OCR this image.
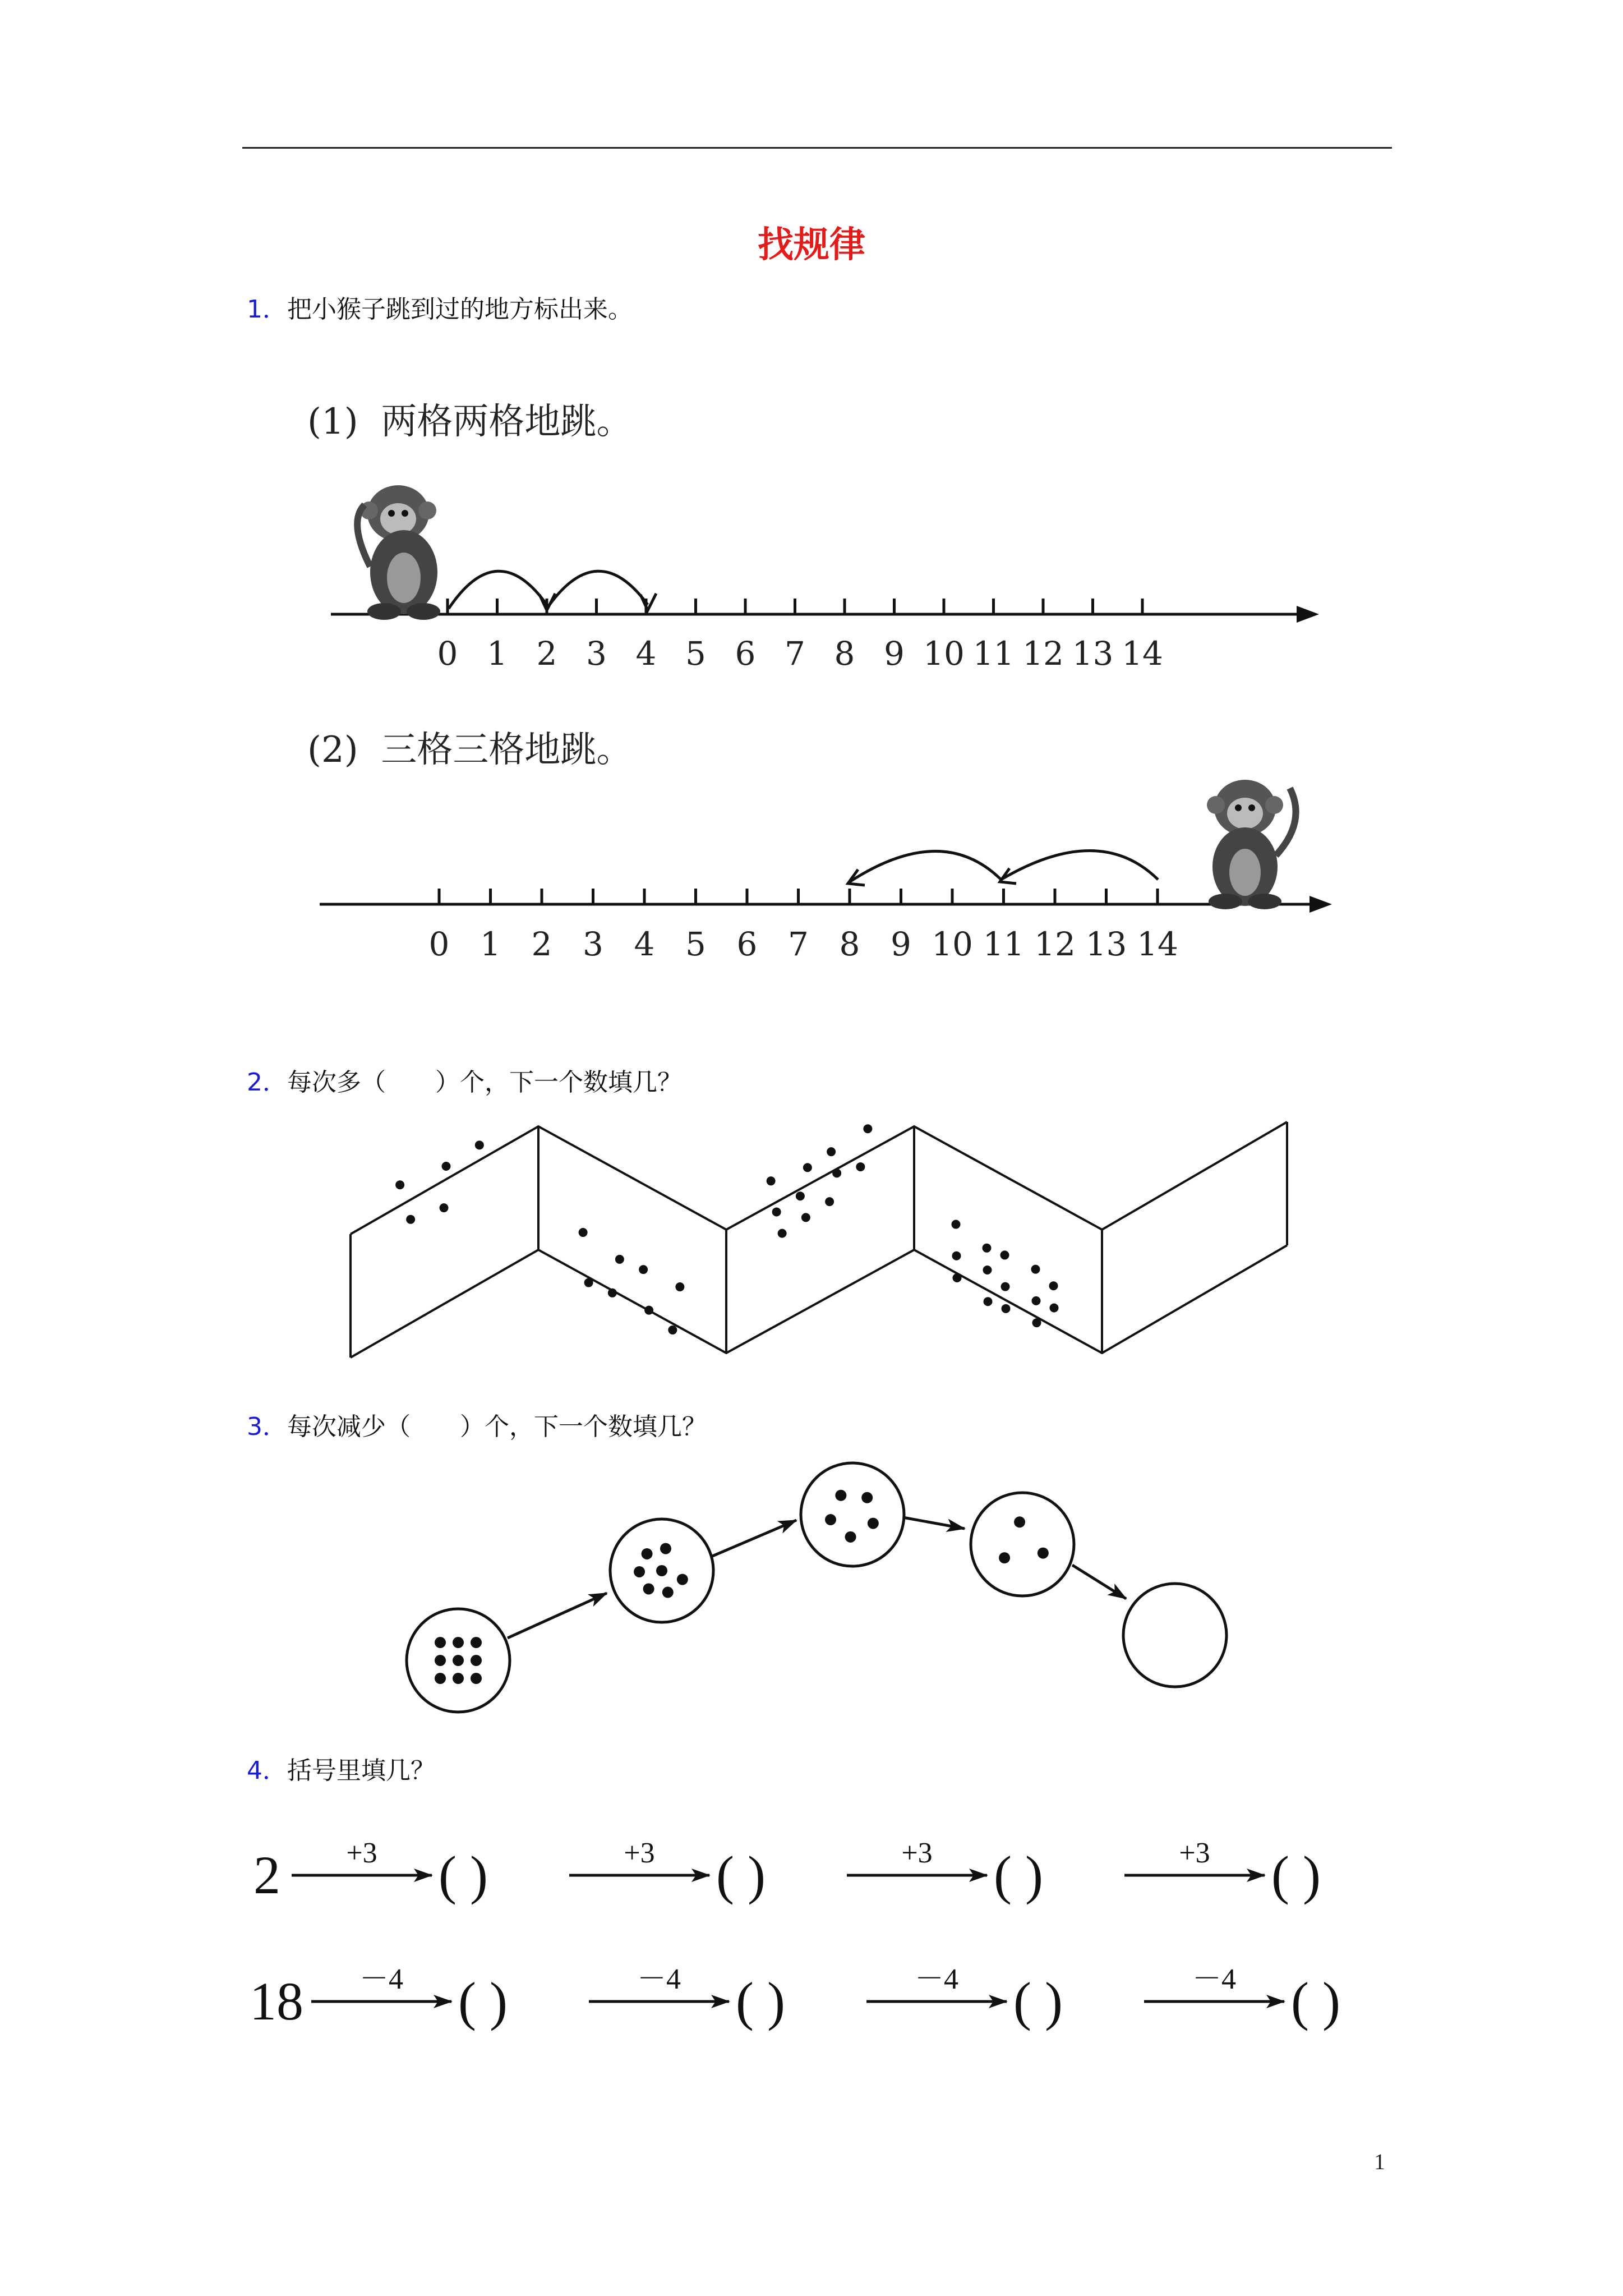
找规律
1．把小猴子跳到过的地方标出来。
(1)  两格两格地跳。
(2)  三格三格地跳。
0 1 2 3 4 5 6 7 8 9 10 11 12 13 14
0 1 2 3 4 5 6 7 8 9 10 11 12 13 14
2 +3 ( )	+3 ( )	+3 ( )	+3 ( )
18 －4 ( )	－4 ( )	－4 ( )	－4 ( )
2．每次多（　　）个，下一个数填几？
3．每次减少（　　）个，下一个数填几？
4．括号里填几？
1
